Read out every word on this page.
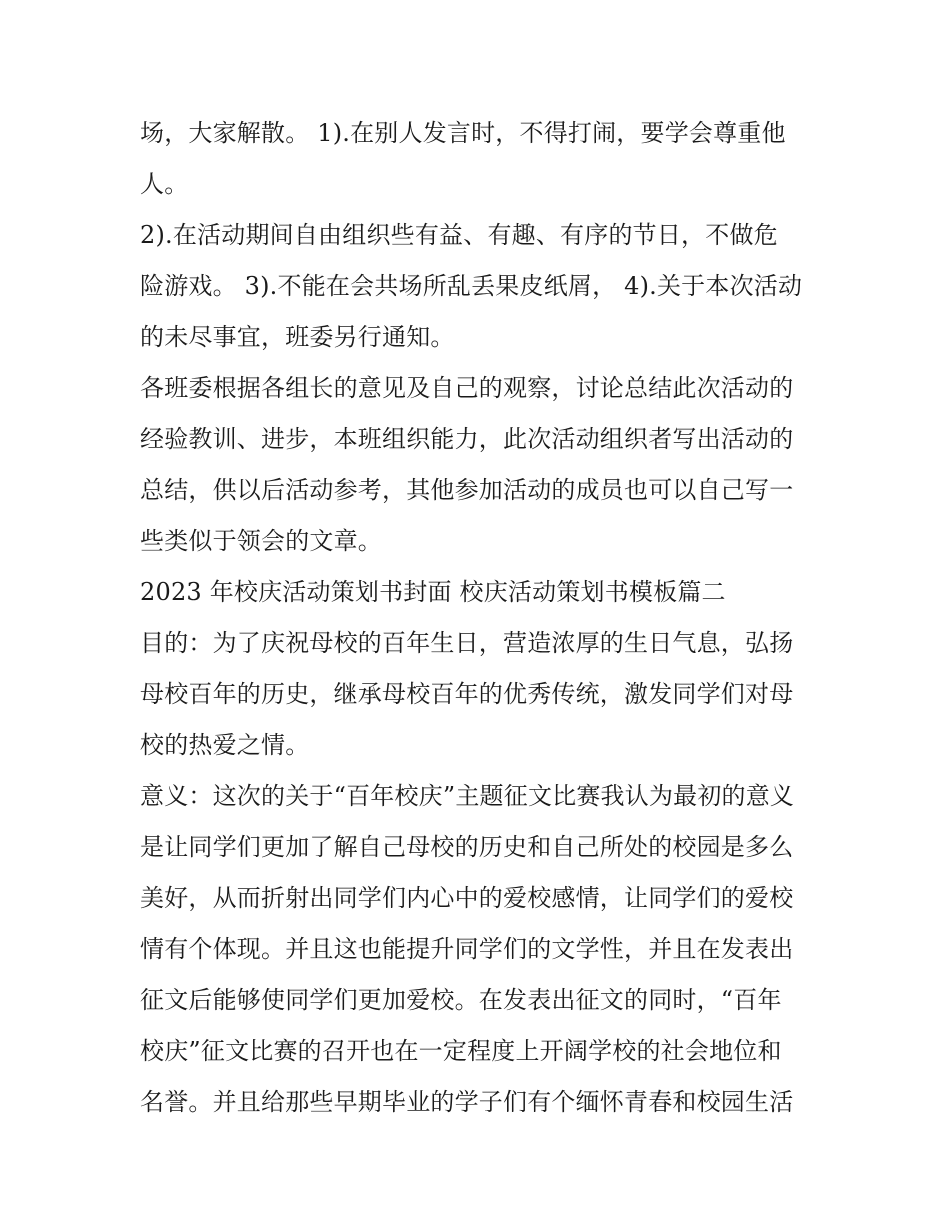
场，大家解散。 1).在别人发言时，不得打闹，要学会尊重他
人。
2).在活动期间自由组织些有益、有趣、有序的节日，不做危
险游戏。 3).不能在会共场所乱丢果皮纸屑， 4).关于本次活动
的未尽事宜，班委另行通知。
各班委根据各组长的意见及自己的观察，讨论总结此次活动的
经验教训、进步，本班组织能力，此次活动组织者写出活动的
总结，供以后活动参考，其他参加活动的成员也可以自己写一
些类似于领会的文章。
2023 年校庆活动策划书封面 校庆活动策划书模板篇二
目的：为了庆祝母校的百年生日，营造浓厚的生日气息，弘扬
母校百年的历史，继承母校百年的优秀传统，激发同学们对母
校的热爱之情。
意义：这次的关于“百年校庆”主题征文比赛我认为最初的意义
是让同学们更加了解自己母校的历史和自己所处的校园是多么
美好，从而折射出同学们内心中的爱校感情，让同学们的爱校
情有个体现。并且这也能提升同学们的文学性，并且在发表出
征文后能够使同学们更加爱校。在发表出征文的同时，“百年
校庆”征文比赛的召开也在一定程度上开阔学校的社会地位和
名誉。并且给那些早期毕业的学子们有个缅怀青春和校园生活
